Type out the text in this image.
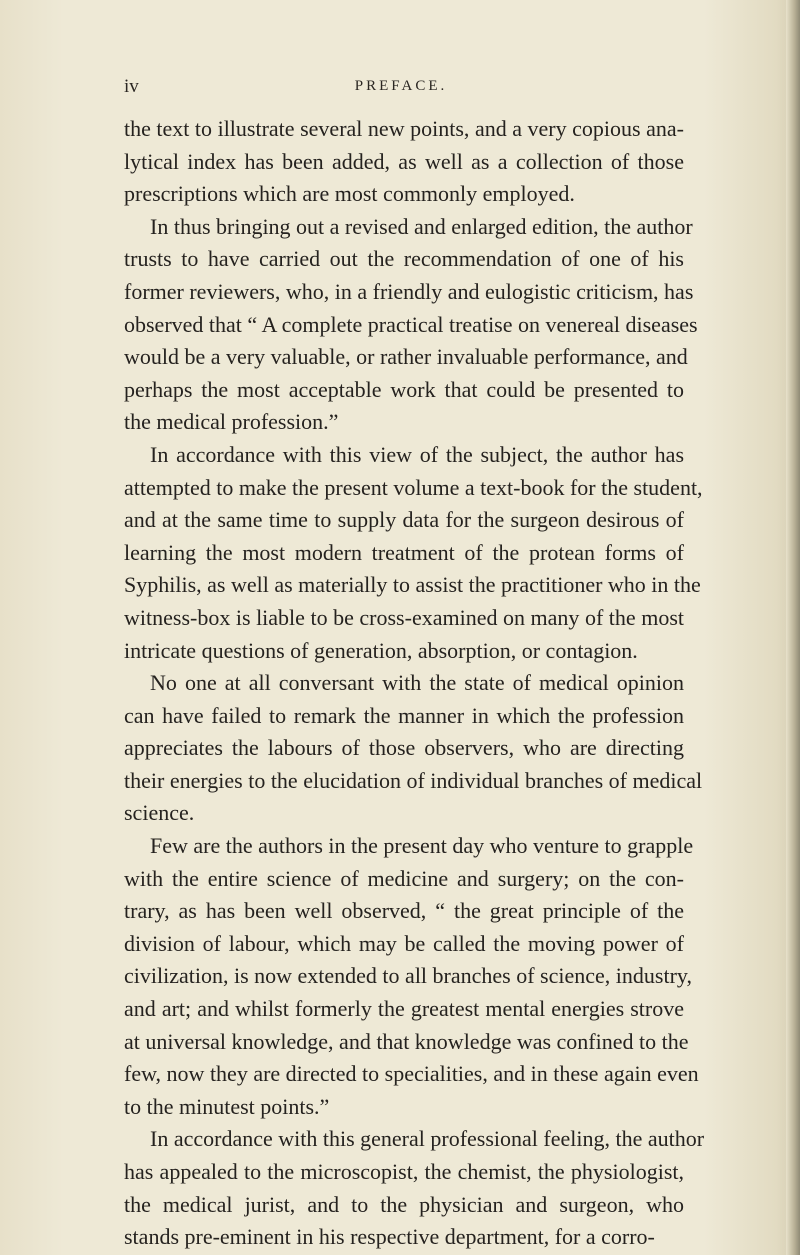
iv	PREFACE.
the text to illustrate several new points, and a very copious ana-
lytical index has been added, as well as a collection of those
prescriptions which are most commonly employed.
In thus bringing out a revised and enlarged edition, the author
trusts to have carried out the recommendation of one of his
former reviewers, who, in a friendly and eulogistic criticism, has
observed that “ A complete practical treatise on venereal diseases
would be a very valuable, or rather invaluable performance, and
perhaps the most acceptable work that could be presented to
the medical profession.”
In accordance with this view of the subject, the author has
attempted to make the present volume a text-book for the student,
and at the same time to supply data for the surgeon desirous of
learning the most modern treatment of the protean forms of
Syphilis, as well as materially to assist the practitioner who in the
witness-box is liable to be cross-examined on many of the most
intricate questions of generation, absorption, or contagion.
No one at all conversant with the state of medical opinion
can have failed to remark the manner in which the profession
appreciates the labours of those observers, who are directing
their energies to the elucidation of individual branches of medical
science.
Few are the authors in the present day who venture to grapple
with the entire science of medicine and surgery; on the con-
trary, as has been well observed, “ the great principle of the
division of labour, which may be called the moving power of
civilization, is now extended to all branches of science, industry,
and art; and whilst formerly the greatest mental energies strove
at universal knowledge, and that knowledge was confined to the
few, now they are directed to specialities, and in these again even
to the minutest points.”
In accordance with this general professional feeling, the author
has appealed to the microscopist, the chemist, the physiologist,
the medical jurist, and to the physician and surgeon, who
stands pre-eminent in his respective department, for a corro-
